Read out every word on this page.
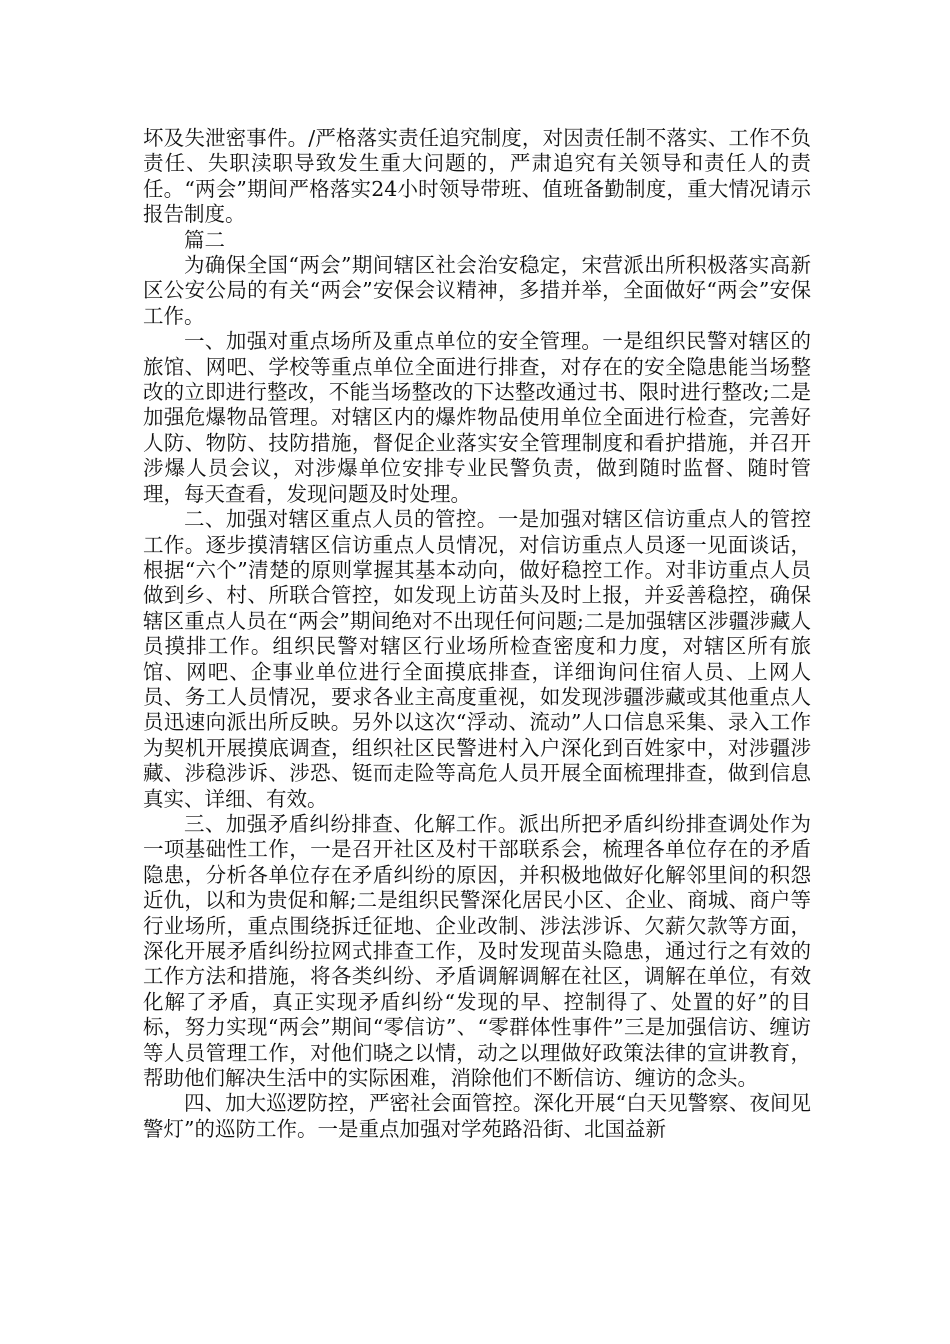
坏及失泄密事件。/严格落实责任追究制度，对因责任制不落实、工作不负责任、失职渎职导致发生重大问题的，严肃追究有关领导和责任人的责任。“两会”期间严格落实24小时领导带班、值班备勤制度，重大情况请示报告制度。

篇二

为确保全国“两会”期间辖区社会治安稳定，宋营派出所积极落实高新区公安公局的有关“两会”安保会议精神，多措并举，全面做好“两会”安保工作。

一、加强对重点场所及重点单位的安全管理。一是组织民警对辖区的旅馆、网吧、学校等重点单位全面进行排查，对存在的安全隐患能当场整改的立即进行整改，不能当场整改的下达整改通过书、限时进行整改;二是加强危爆物品管理。对辖区内的爆炸物品使用单位全面进行检查，完善好人防、物防、技防措施，督促企业落实安全管理制度和看护措施，并召开涉爆人员会议，对涉爆单位安排专业民警负责，做到随时监督、随时管理，每天查看，发现问题及时处理。

二、加强对辖区重点人员的管控。一是加强对辖区信访重点人的管控工作。逐步摸清辖区信访重点人员情况，对信访重点人员逐一见面谈话，根据“六个”清楚的原则掌握其基本动向，做好稳控工作。对非访重点人员做到乡、村、所联合管控，如发现上访苗头及时上报，并妥善稳控，确保辖区重点人员在“两会”期间绝对不出现任何问题;二是加强辖区涉疆涉藏人员摸排工作。组织民警对辖区行业场所检查密度和力度，对辖区所有旅馆、网吧、企事业单位进行全面摸底排查，详细询问住宿人员、上网人员、务工人员情况，要求各业主高度重视，如发现涉疆涉藏或其他重点人员迅速向派出所反映。另外以这次“浮动、流动”人口信息采集、录入工作为契机开展摸底调查，组织社区民警进村入户深化到百姓家中，对涉疆涉藏、涉稳涉诉、涉恐、铤而走险等高危人员开展全面梳理排查，做到信息真实、详细、有效。

三、加强矛盾纠纷排查、化解工作。派出所把矛盾纠纷排查调处作为一项基础性工作，一是召开社区及村干部联系会，梳理各单位存在的矛盾隐患，分析各单位存在矛盾纠纷的原因，并积极地做好化解邻里间的积怨近仇，以和为贵促和解;二是组织民警深化居民小区、企业、商城、商户等行业场所，重点围绕拆迁征地、企业改制、涉法涉诉、欠薪欠款等方面，深化开展矛盾纠纷拉网式排查工作，及时发现苗头隐患，通过行之有效的工作方法和措施，将各类纠纷、矛盾调解调解在社区，调解在单位，有效化解了矛盾，真正实现矛盾纠纷“发现的早、控制得了、处置的好”的目标，努力实现“两会”期间“零信访”、“零群体性事件”三是加强信访、缠访等人员管理工作，对他们晓之以情，动之以理做好政策法律的宣讲教育，帮助他们解决生活中的实际困难，消除他们不断信访、缠访的念头。

四、加大巡逻防控，严密社会面管控。深化开展“白天见警察、夜间见警灯”的巡防工作。一是重点加强对学苑路沿街、北国益新
